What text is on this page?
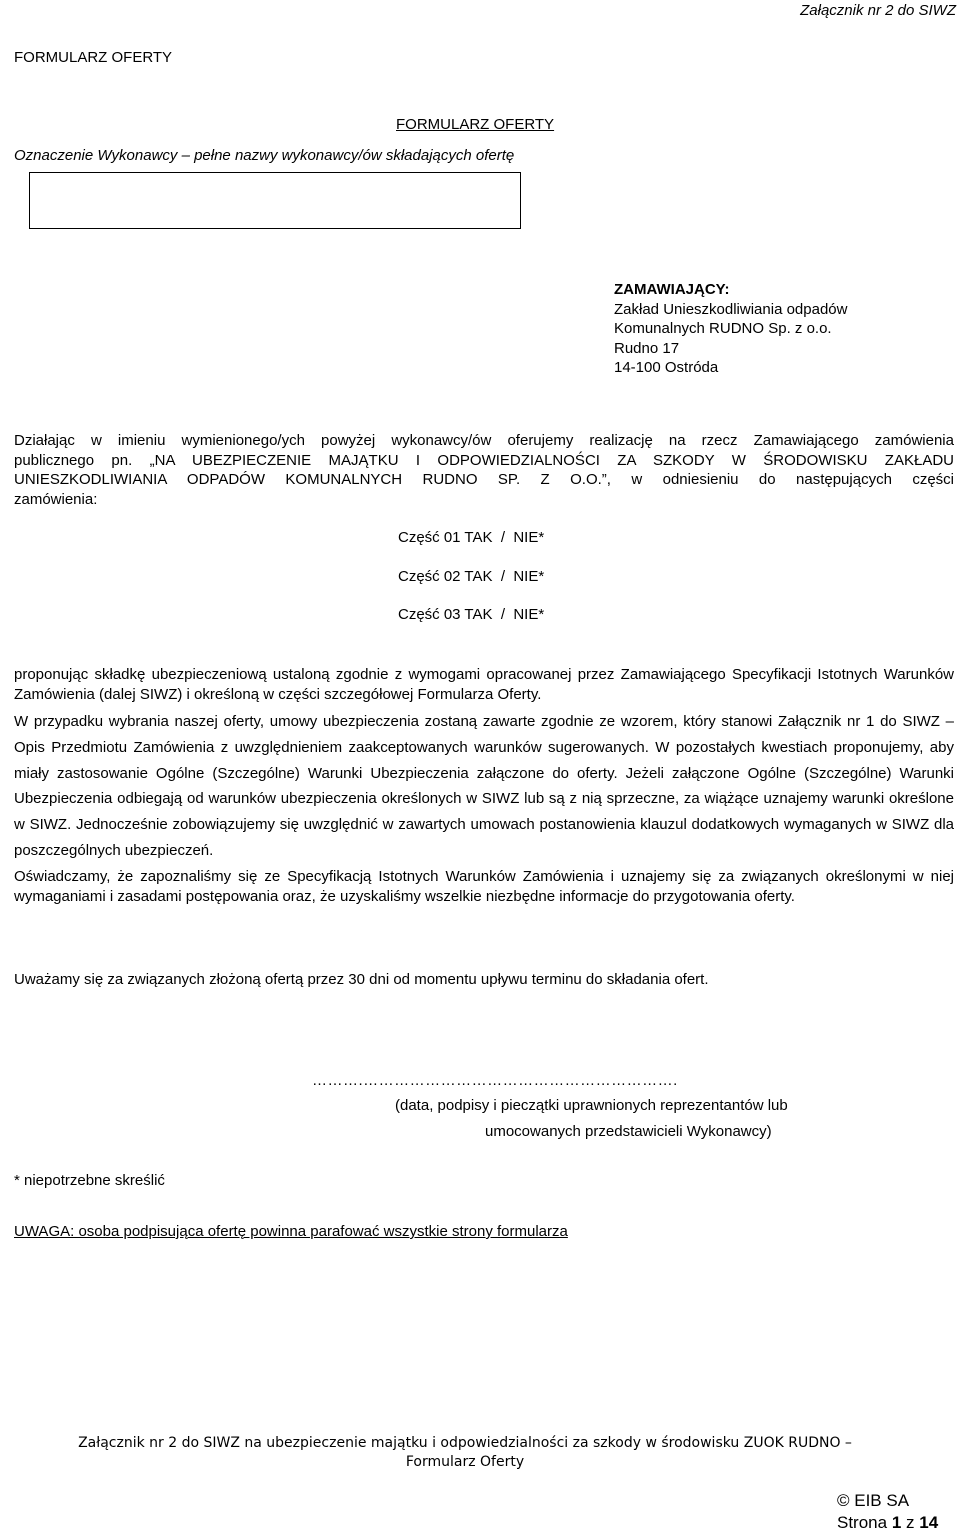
Załącznik nr 2 do SIWZ
FORMULARZ OFERTY
FORMULARZ OFERTY
Oznaczenie Wykonawcy – pełne nazwy wykonawcy/ów składających ofertę
ZAMAWIAJĄCY:
Zakład Unieszkodliwiania odpadów
Komunalnych RUDNO Sp. z o.o.
Rudno 17
14-100 Ostróda
Działając w imieniu wymienionego/ych powyżej wykonawcy/ów oferujemy realizację na rzecz Zamawiającego zamówienia
publicznego pn. „NA UBEZPIECZENIE MAJĄTKU I ODPOWIEDZIALNOŚCI ZA SZKODY W ŚRODOWISKU ZAKŁADU
UNIESZKODLIWIANIA ODPADÓW KOMUNALNYCH RUDNO SP. Z O.O.”, w odniesieniu do następujących części
zamówienia:
Część 01 TAK  /  NIE*
Część 02 TAK  /  NIE*
Część 03 TAK  /  NIE*
proponując składkę ubezpieczeniową ustaloną zgodnie z wymogami opracowanej przez Zamawiającego Specyfikacji Istotnych Warunków Zamówienia (dalej SIWZ) i określoną w części szczegółowej Formularza Oferty.
W przypadku wybrania naszej oferty, umowy ubezpieczenia zostaną zawarte zgodnie ze wzorem, który stanowi Załącznik nr 1 do SIWZ – Opis Przedmiotu Zamówienia z uwzględnieniem zaakceptowanych warunków sugerowanych. W pozostałych kwestiach proponujemy, aby miały zastosowanie Ogólne (Szczególne) Warunki Ubezpieczenia załączone do oferty. Jeżeli załączone Ogólne (Szczególne) Warunki Ubezpieczenia odbiegają od warunków ubezpieczenia określonych w SIWZ lub są z nią sprzeczne, za wiążące uznajemy warunki określone w SIWZ. Jednocześnie zobowiązujemy się uwzględnić w zawartych umowach postanowienia klauzul dodatkowych wymaganych w SIWZ dla poszczególnych ubezpieczeń.
Oświadczamy, że zapoznaliśmy się ze Specyfikacją Istotnych Warunków Zamówienia i uznajemy się za związanych określonymi w niej wymaganiami i zasadami postępowania oraz, że uzyskaliśmy wszelkie niezbędne informacje do przygotowania oferty.
Uważamy się za związanych złożoną ofertą przez 30 dni od momentu upływu terminu do składania ofert.
……….…………………………………………………….
(data, podpisy i pieczątki uprawnionych reprezentantów lub
umocowanych przedstawicieli Wykonawcy)
* niepotrzebne skreślić
UWAGA: osoba podpisująca ofertę powinna parafować wszystkie strony formularza
Załącznik nr 2 do SIWZ na ubezpieczenie majątku i odpowiedzialności za szkody w środowisku ZUOK RUDNO –
Formularz Oferty
© EIB SA
Strona 1 z 14
